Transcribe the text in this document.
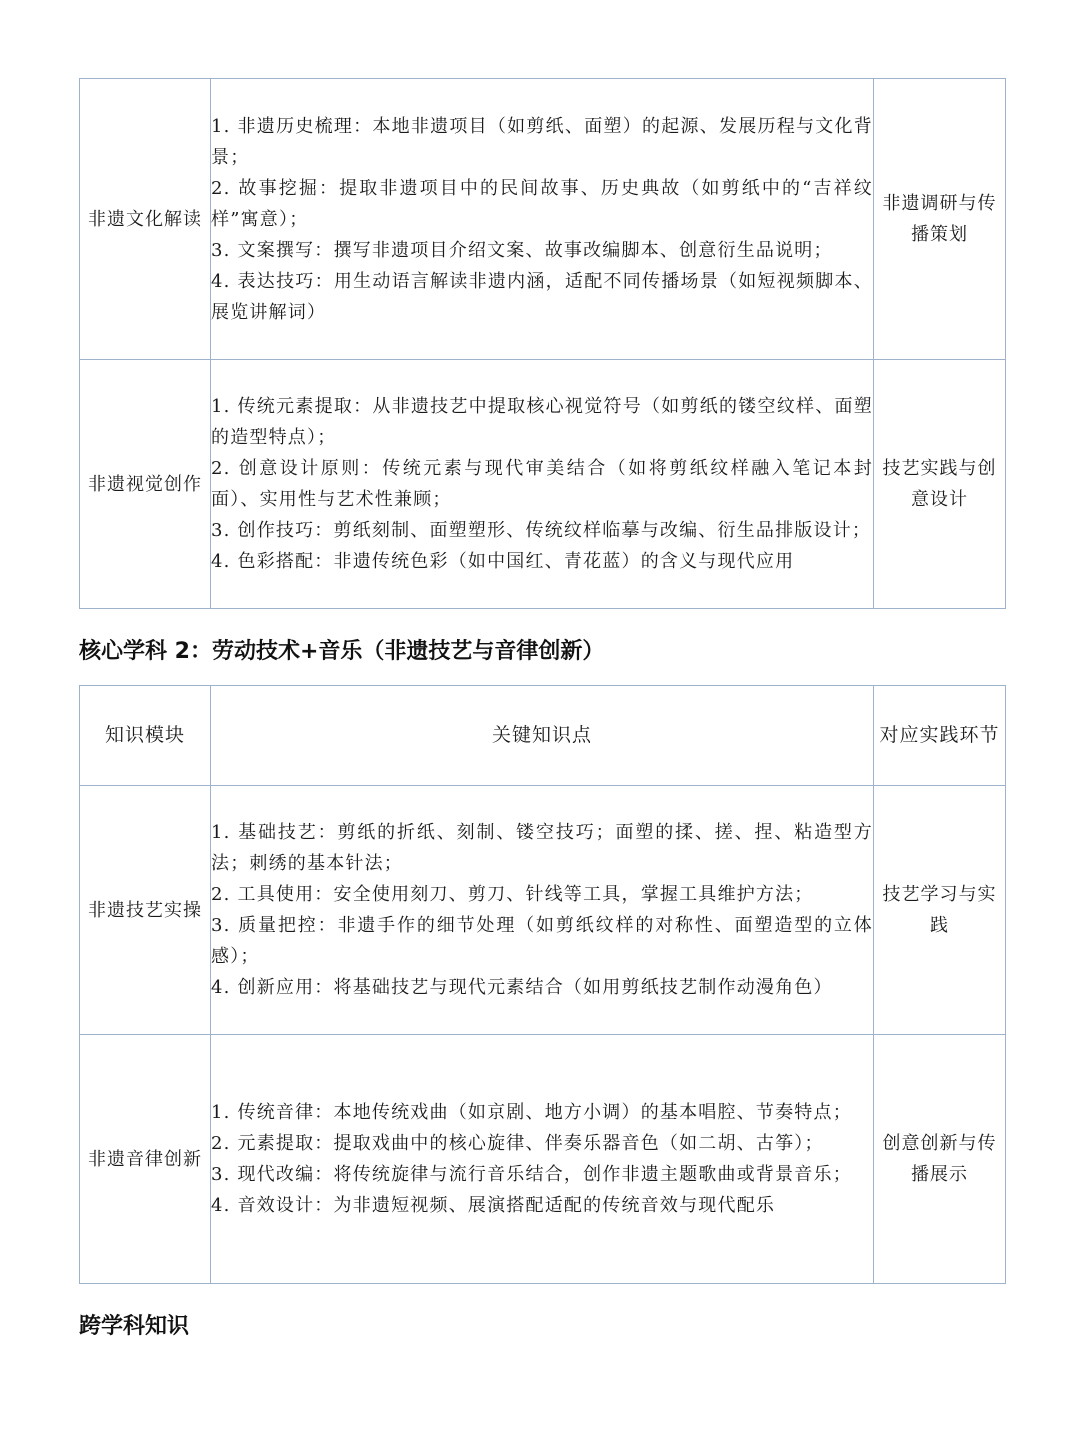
非遗文化解读	1. 非遗历史梳理：本地非遗项目（如剪纸、面塑）的起源、发展历程与文化背景；
2. 故事挖掘：提取非遗项目中的民间故事、历史典故（如剪纸中的“吉祥纹样”寓意）；
3. 文案撰写：撰写非遗项目介绍文案、故事改编脚本、创意衍生品说明；
4. 表达技巧：用生动语言解读非遗内涵，适配不同传播场景（如短视频脚本、展览讲解词）	非遗调研与传播策划
非遗视觉创作	1. 传统元素提取：从非遗技艺中提取核心视觉符号（如剪纸的镂空纹样、面塑的造型特点）；
2. 创意设计原则：传统元素与现代审美结合（如将剪纸纹样融入笔记本封面）、实用性与艺术性兼顾；
3. 创作技巧：剪纸刻制、面塑塑形、传统纹样临摹与改编、衍生品排版设计；
4. 色彩搭配：非遗传统色彩（如中国红、青花蓝）的含义与现代应用	技艺实践与创意设计
核心学科 2：劳动技术+音乐（非遗技艺与音律创新）
知识模块	关键知识点	对应实践环节
非遗技艺实操	1. 基础技艺：剪纸的折纸、刻制、镂空技巧；面塑的揉、搓、捏、粘造型方法；刺绣的基本针法；
2. 工具使用：安全使用刻刀、剪刀、针线等工具，掌握工具维护方法；
3. 质量把控：非遗手作的细节处理（如剪纸纹样的对称性、面塑造型的立体感）；
4. 创新应用：将基础技艺与现代元素结合（如用剪纸技艺制作动漫角色）	技艺学习与实践
非遗音律创新	1. 传统音律：本地传统戏曲（如京剧、地方小调）的基本唱腔、节奏特点；
2. 元素提取：提取戏曲中的核心旋律、伴奏乐器音色（如二胡、古筝）；
3. 现代改编：将传统旋律与流行音乐结合，创作非遗主题歌曲或背景音乐；
4. 音效设计：为非遗短视频、展演搭配适配的传统音效与现代配乐	创意创新与传播展示
跨学科知识
